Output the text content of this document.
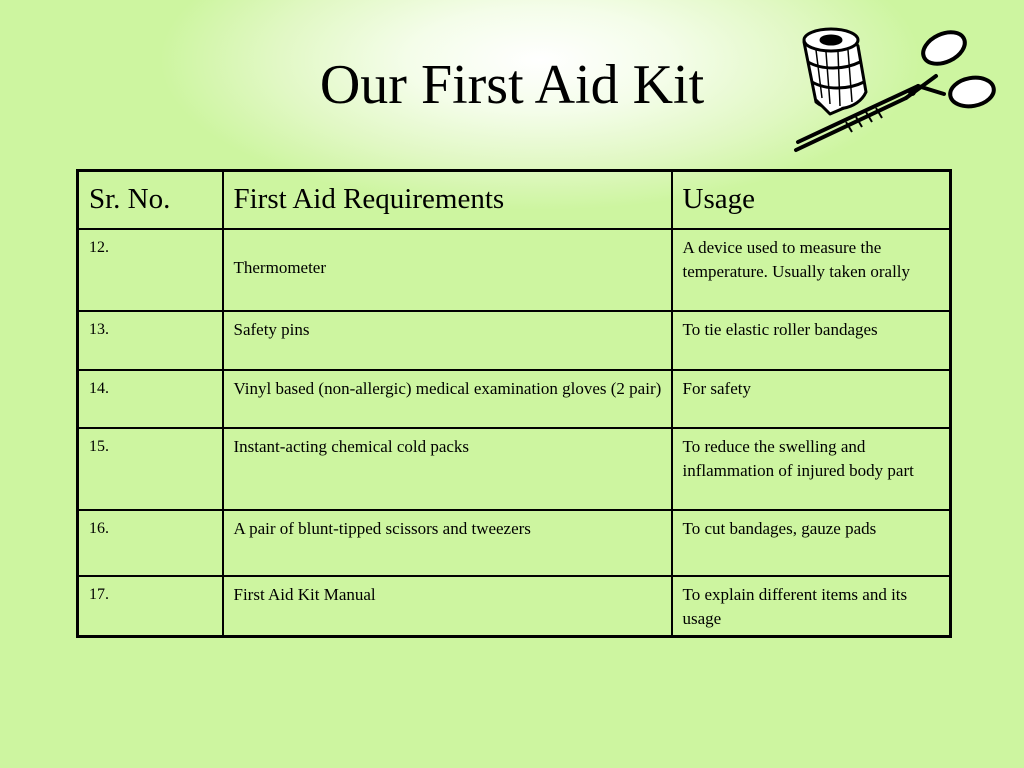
Our First Aid Kit
Sr. No.	First Aid Requirements	Usage
12.	Thermometer	A device used to measure the temperature. Usually taken orally
13.	Safety pins	To tie elastic roller bandages
14.	Vinyl based (non-allergic) medical examination gloves (2 pair)	For safety
15.	Instant-acting chemical cold packs	To reduce the swelling and inflammation of injured body part
16.	A pair of blunt-tipped scissors and tweezers	To cut bandages, gauze pads
17.	First Aid Kit Manual	To explain different items and its usage
